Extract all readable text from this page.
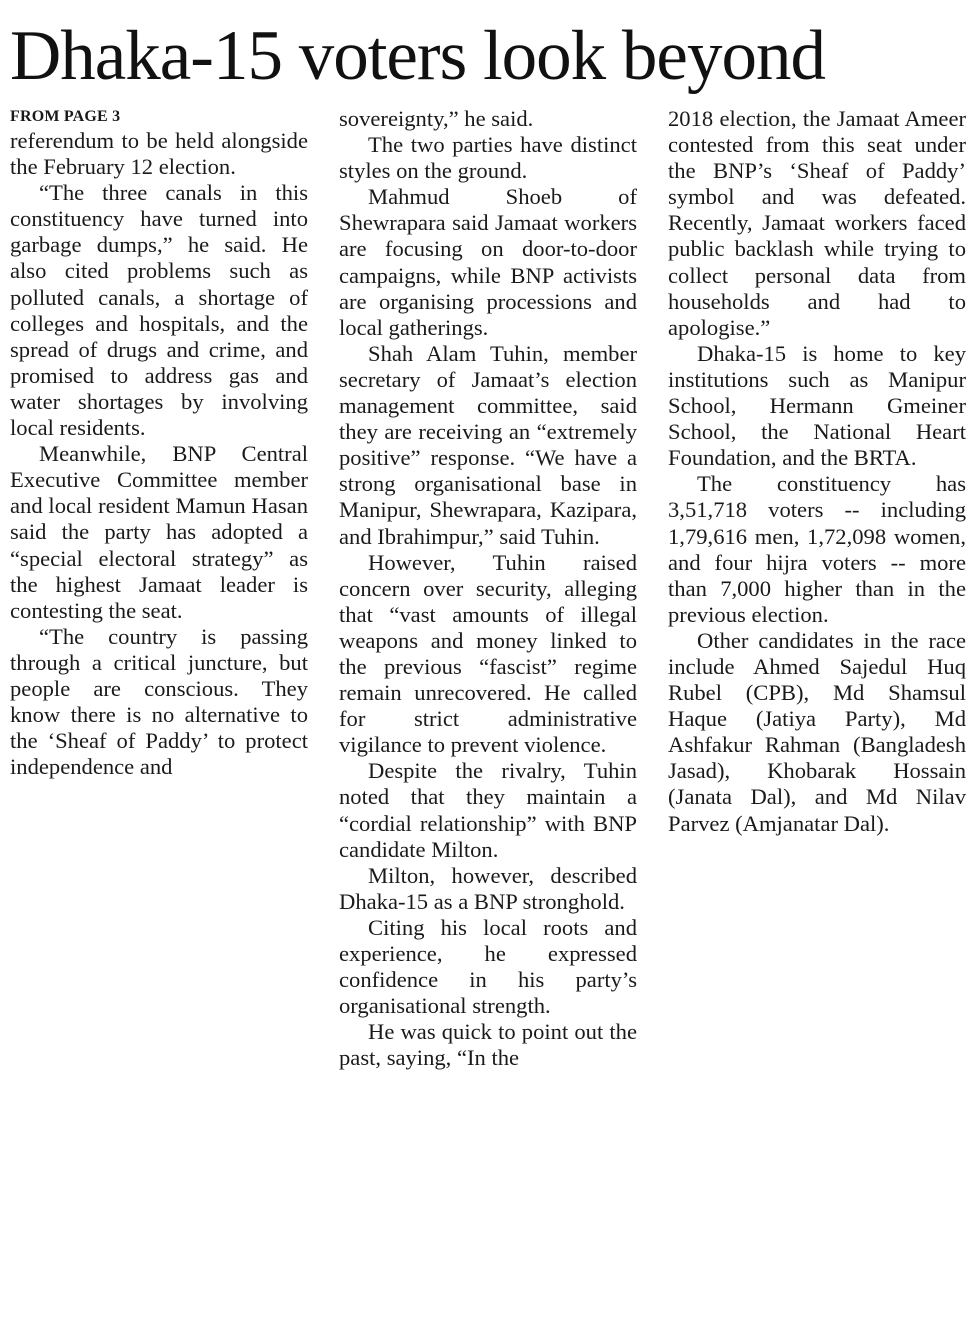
Dhaka-15 voters look beyond
FROM PAGE 3

referendum to be held alongside the February 12 election.

“The three canals in this constituency have turned into garbage dumps,” he said. He also cited problems such as polluted canals, a shortage of colleges and hospitals, and the spread of drugs and crime, and promised to address gas and water shortages by involving local residents.

Meanwhile, BNP Central Executive Committee member and local resident Mamun Hasan said the party has adopted a “special electoral strategy” as the highest Jamaat leader is contesting the seat.

“The country is passing through a critical juncture, but people are conscious. They know there is no alternative to the ‘Sheaf of Paddy’ to protect independence and

sovereignty,” he said.

The two parties have distinct styles on the ground.

Mahmud Shoeb of Shewrapara said Jamaat workers are focusing on door-to-door campaigns, while BNP activists are organising processions and local gatherings.

Shah Alam Tuhin, member secretary of Jamaat’s election management committee, said they are receiving an “extremely positive” response. “We have a strong organisational base in Manipur, Shewrapara, Kazipara, and Ibrahimpur,” said Tuhin.

However, Tuhin raised concern over security, alleging that “vast amounts of illegal weapons and money linked to the previous “fascist” regime remain unrecovered. He called for strict administrative vigilance to prevent violence.

Despite the rivalry, Tuhin noted that they maintain a “cordial relationship” with BNP candidate Milton.

Milton, however, described Dhaka-15 as a BNP stronghold.

Citing his local roots and experience, he expressed confidence in his party’s organisational strength.

He was quick to point out the past, saying, “In the

2018 election, the Jamaat Ameer contested from this seat under the BNP’s ‘Sheaf of Paddy’ symbol and was defeated. Recently, Jamaat workers faced public backlash while trying to collect personal data from households and had to apologise.”

Dhaka-15 is home to key institutions such as Manipur School, Hermann Gmeiner School, the National Heart Foundation, and the BRTA.

The constituency has 3,51,718 voters -- including 1,79,616 men, 1,72,098 women, and four hijra voters -- more than 7,000 higher than in the previous election.

Other candidates in the race include Ahmed Sajedul Huq Rubel (CPB), Md Shamsul Haque (Jatiya Party), Md Ashfakur Rahman (Bangladesh Jasad), Khobarak Hossain (Janata Dal), and Md Nilav Parvez (Amjanatar Dal).
